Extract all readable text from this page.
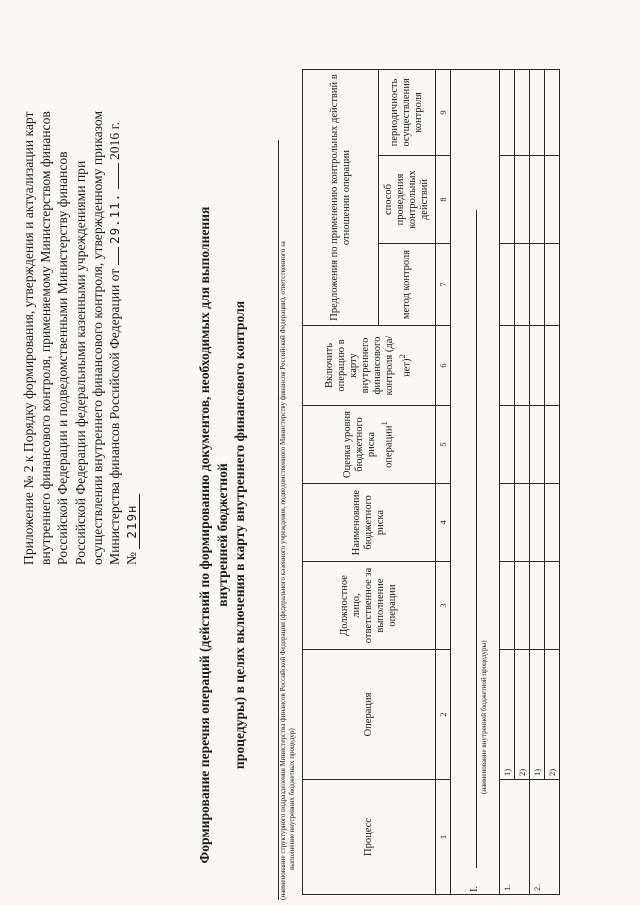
Приложение № 2 к Порядку формирования, утверждения и актуализации карт внутреннего финансового контроля, применяемому Министерством финансов Российской Федерации и подведомственными Министерству финансов Российской Федерации федеральными казенными учреждениями при осуществлении внутреннего финансового контроля, утвержденному приказом Министерства финансов Российской Федерации от  29.11.  2016 г.
№ 219н	Формирование перечня операций (действий по формированию документов, необходимых для выполнения внутренней бюджетной процедуры) в целях включения в карту внутреннего финансового контроля	(наименование структурного подразделения Министерства финансов Российской Федерации (федерального казенного учреждения, подведомственного Министерству финансов Российской Федерации), ответственного за выполнение внутренних бюджетных процедур)	Процесс	Операция	Должностное лицо, ответственное за выполнение операции	Наименование бюджетного риска	Оценка уровня бюджетного риска операции$^1$	Включить операцию в карту внутреннего финансового контроля $(да/нет)^2$	Предложения по применению контрольных действий в отношении операции		
						метод контроля	способ проведения контрольных действий	периодичность осуществления контроля
1	2	3	4	5	6	7	8	9

I.
(наименование внутренней бюджетной процедуры)								

1.	1)							
	2)							
2.	1)							
	2)							
